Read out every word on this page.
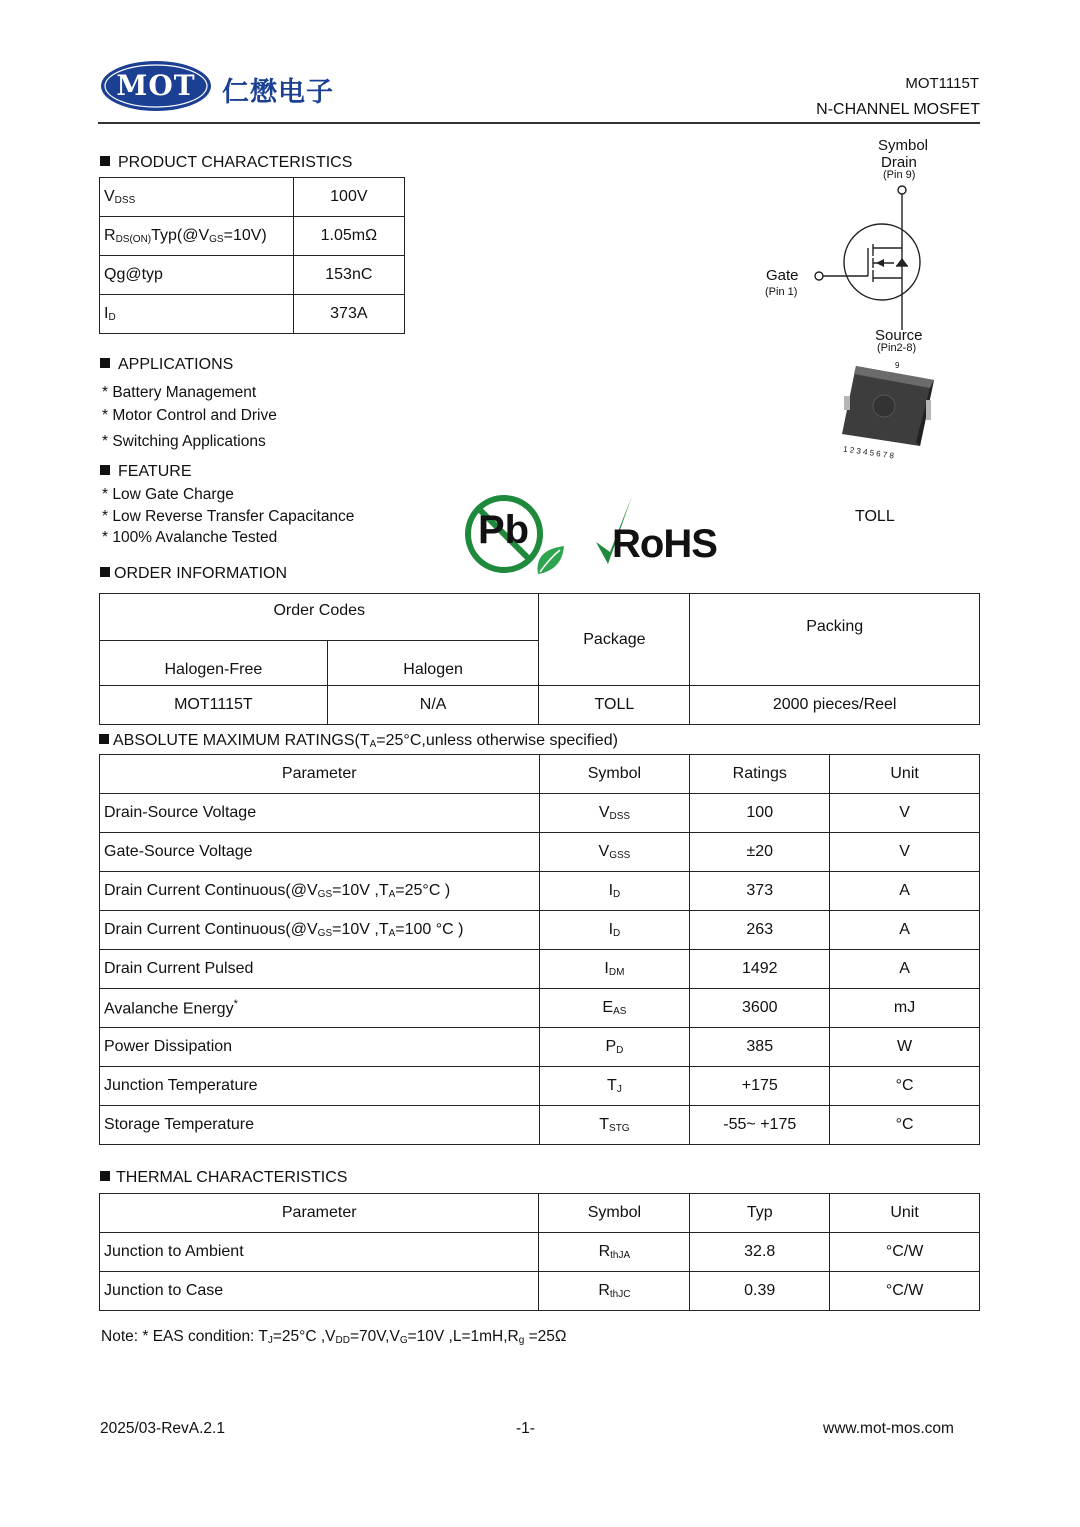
MOT 仁懋电子	MOT1115T
N-CHANNEL MOSFET
PRODUCT CHARACTERISTICS
$V_{DSS}$	100V
$R_{DS(ON)}Typ(@V_{GS}=10V)$	1.05mΩ
Qg@typ	153nC
$I_D$	373A
Symbol
Drain
(Pin 9)
Gate
(Pin 1)
Source
(Pin2-8)
9
1 2 3 4 5 6 7 8
TOLL
APPLICATIONS
* Battery Management
* Motor Control and Drive
* Switching Applications
FEATURE
* Low Gate Charge
* Low Reverse Transfer Capacitance
* 100% Avalanche Tested	Pb RoHS
ORDER INFORMATION
Order Codes		Package	Packing
Halogen-Free	Halogen		
MOT1115T	N/A	TOLL	2000 pieces/Reel
ABSOLUTE MAXIMUM $RATINGS(T_A=25^\circ C,unless$ otherwise specified)
Parameter	Symbol	Ratings	Unit
Drain-Source Voltage	$V_{DSS}$	100	V
Gate-Source Voltage	$V_{GSS}$	±20	V
Drain Current $Continuous(@V_{GS}=10V$ $,T_A=25^\circ C$ )	$I_D$	373	A
Drain Current $Continuous(@V_{GS}=10V$ $,T_A=100$ °C )	$I_D$	263	A
Drain Current Pulsed	$I_{DM}$	1492	A
Avalanche Energy*	$E_{AS}$	3600	mJ
Power Dissipation	$P_D$	385	W
Junction Temperature	$T_J$	+175	°C
Storage Temperature	$T_{STG}$	-55~ +175	°C
THERMAL CHARACTERISTICS
Parameter	Symbol	Typ	Unit
Junction to Ambient	$R_{thJA}$	32.8	°C/W
Junction to Case	$R_{thJC}$	0.39	°C/W
Note: * EAS condition: $T_J=25^\circ C$ $,V_{DD}=70V,V_G=10V$ $,L=1mH,R_g =25\Omega$
2025/03-RevA.2.1	-1-	www.mot-mos.com
